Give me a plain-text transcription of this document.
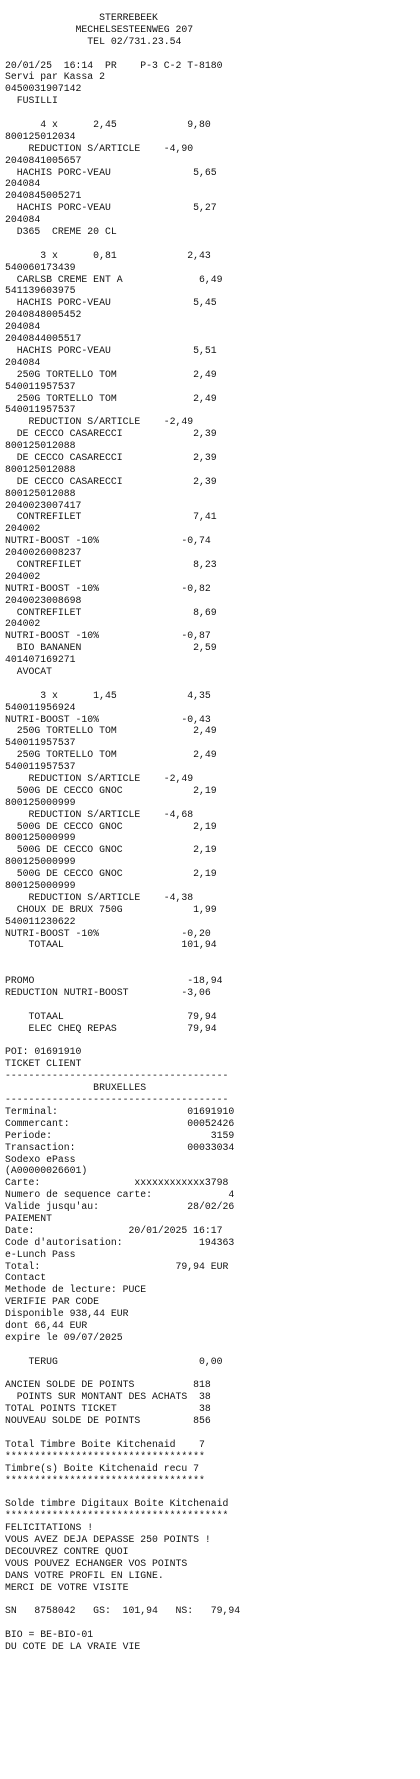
STERREBEEK
MECHELSESTEENWEG 207
TEL 02/731.23.54
20/01/25  16:14  PR    P-3 C-2 T-8180
Servi par Kassa 2
0450031907142
FUSILLI
4 x      2,45            9,80
800125012034
REDUCTION S/ARTICLE    -4,90
2040841005657
HACHIS PORC-VEAU              5,65
204084
2040845005271
HACHIS PORC-VEAU              5,27
204084
D365  CREME 20 CL
3 x      0,81            2,43
540060173439
CARLSB CREME ENT A             6,49
541139603975
HACHIS PORC-VEAU              5,45
2040848005452
204084
2040844005517
HACHIS PORC-VEAU              5,51
204084
250G TORTELLO TOM             2,49
540011957537
250G TORTELLO TOM             2,49
540011957537
REDUCTION S/ARTICLE    -2,49
DE CECCO CASARECCI            2,39
800125012088
DE CECCO CASARECCI            2,39
800125012088
DE CECCO CASARECCI            2,39
800125012088
2040023007417
CONTREFILET                   7,41
204002
NUTRI-BOOST -10%              -0,74
2040026008237
CONTREFILET                   8,23
204002
NUTRI-BOOST -10%              -0,82
2040023008698
CONTREFILET                   8,69
204002
NUTRI-BOOST -10%              -0,87
BIO BANANEN                   2,59
401407169271
AVOCAT
3 x      1,45            4,35
540011956924
NUTRI-BOOST -10%              -0,43
250G TORTELLO TOM             2,49
540011957537
250G TORTELLO TOM             2,49
540011957537
REDUCTION S/ARTICLE    -2,49
500G DE CECCO GNOC            2,19
800125000999
REDUCTION S/ARTICLE    -4,68
500G DE CECCO GNOC            2,19
800125000999
500G DE CECCO GNOC            2,19
800125000999
500G DE CECCO GNOC            2,19
800125000999
REDUCTION S/ARTICLE    -4,38
CHOUX DE BRUX 750G            1,99
540011230622
NUTRI-BOOST -10%              -0,20
TOTAAL                    101,94
PROMO                          -18,94
REDUCTION NUTRI-BOOST         -3,06
TOTAAL                     79,94
ELEC CHEQ REPAS            79,94
POI: 01691910
TICKET CLIENT
--------------------------------------
BRUXELLES
--------------------------------------
Terminal:                      01691910
Commercant:                    00052426
Periode:                           3159
Transaction:                   00033034
Sodexo ePass
(A00000026601)
Carte:                xxxxxxxxxxxx3798
Numero de sequence carte:             4
Valide jusqu'au:               28/02/26
PAIEMENT
Date:                20/01/2025 16:17
Code d'autorisation:             194363
e-Lunch Pass
Total:                       79,94 EUR
Contact
Methode de lecture: PUCE
VERIFIE PAR CODE
Disponible 938,44 EUR
dont 66,44 EUR
expire le 09/07/2025
TERUG                        0,00
ANCIEN SOLDE DE POINTS          818
POINTS SUR MONTANT DES ACHATS  38
TOTAL POINTS TICKET              38
NOUVEAU SOLDE DE POINTS         856
Total Timbre Boite Kitchenaid    7
**********************************
Timbre(s) Boite Kitchenaid recu 7
**********************************
Solde timbre Digitaux Boite Kitchenaid
**************************************
FELICITATIONS !
VOUS AVEZ DEJA DEPASSE 250 POINTS !
DECOUVREZ CONTRE QUOI
VOUS POUVEZ ECHANGER VOS POINTS
DANS VOTRE PROFIL EN LIGNE.
MERCI DE VOTRE VISITE
SN   8758042   GS:  101,94   NS:   79,94
BIO = BE-BIO-01
DU COTE DE LA VRAIE VIE
